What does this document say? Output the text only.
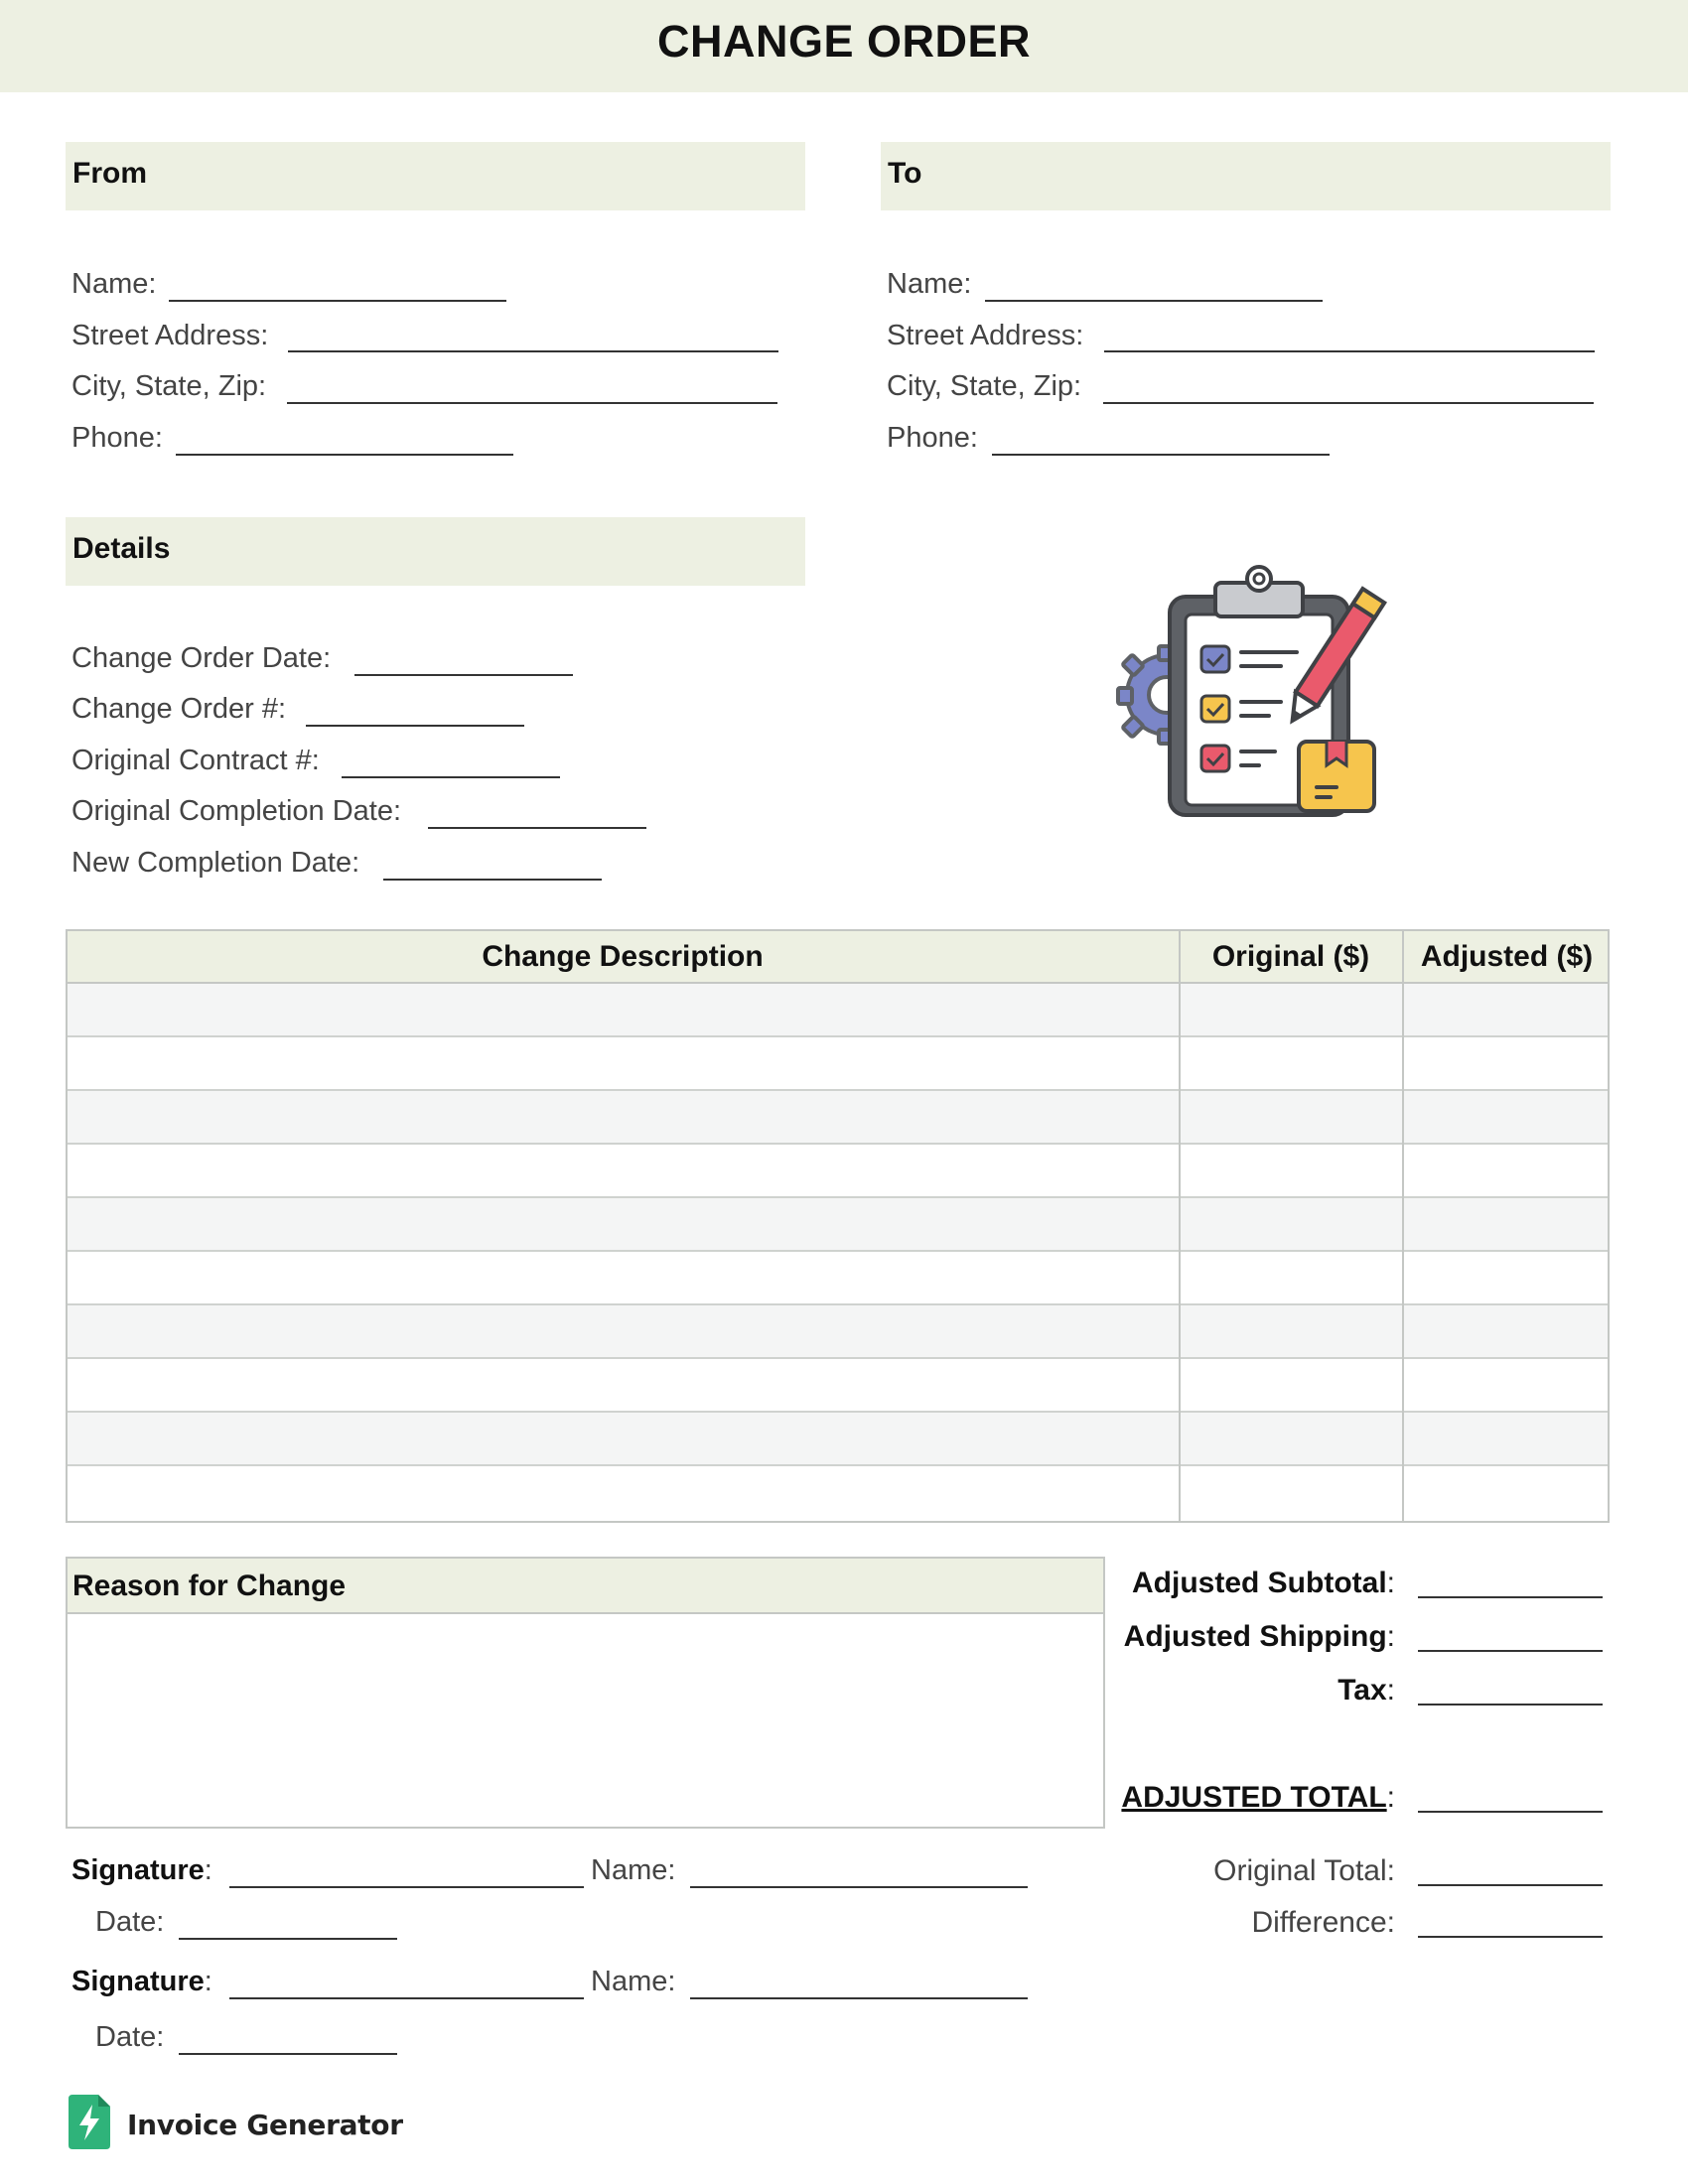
CHANGE ORDER
From
Name:
Street Address:
City, State, Zip:
Phone:
To
Name:
Street Address:
City, State, Zip:
Phone:
Details
Change Order Date:
Change Order #:
Original Contract #:
Original Completion Date:
New Completion Date:
Change Description	Original ($)	Adjusted ($)
Reason for Change	Adjusted Subtotal:
Adjusted Shipping:
Tax:
ADJUSTED TOTAL:
Original Total:
Difference:
Signature:	Name:
Date:
Signature:	Name:
Date:
Invoice Generator
